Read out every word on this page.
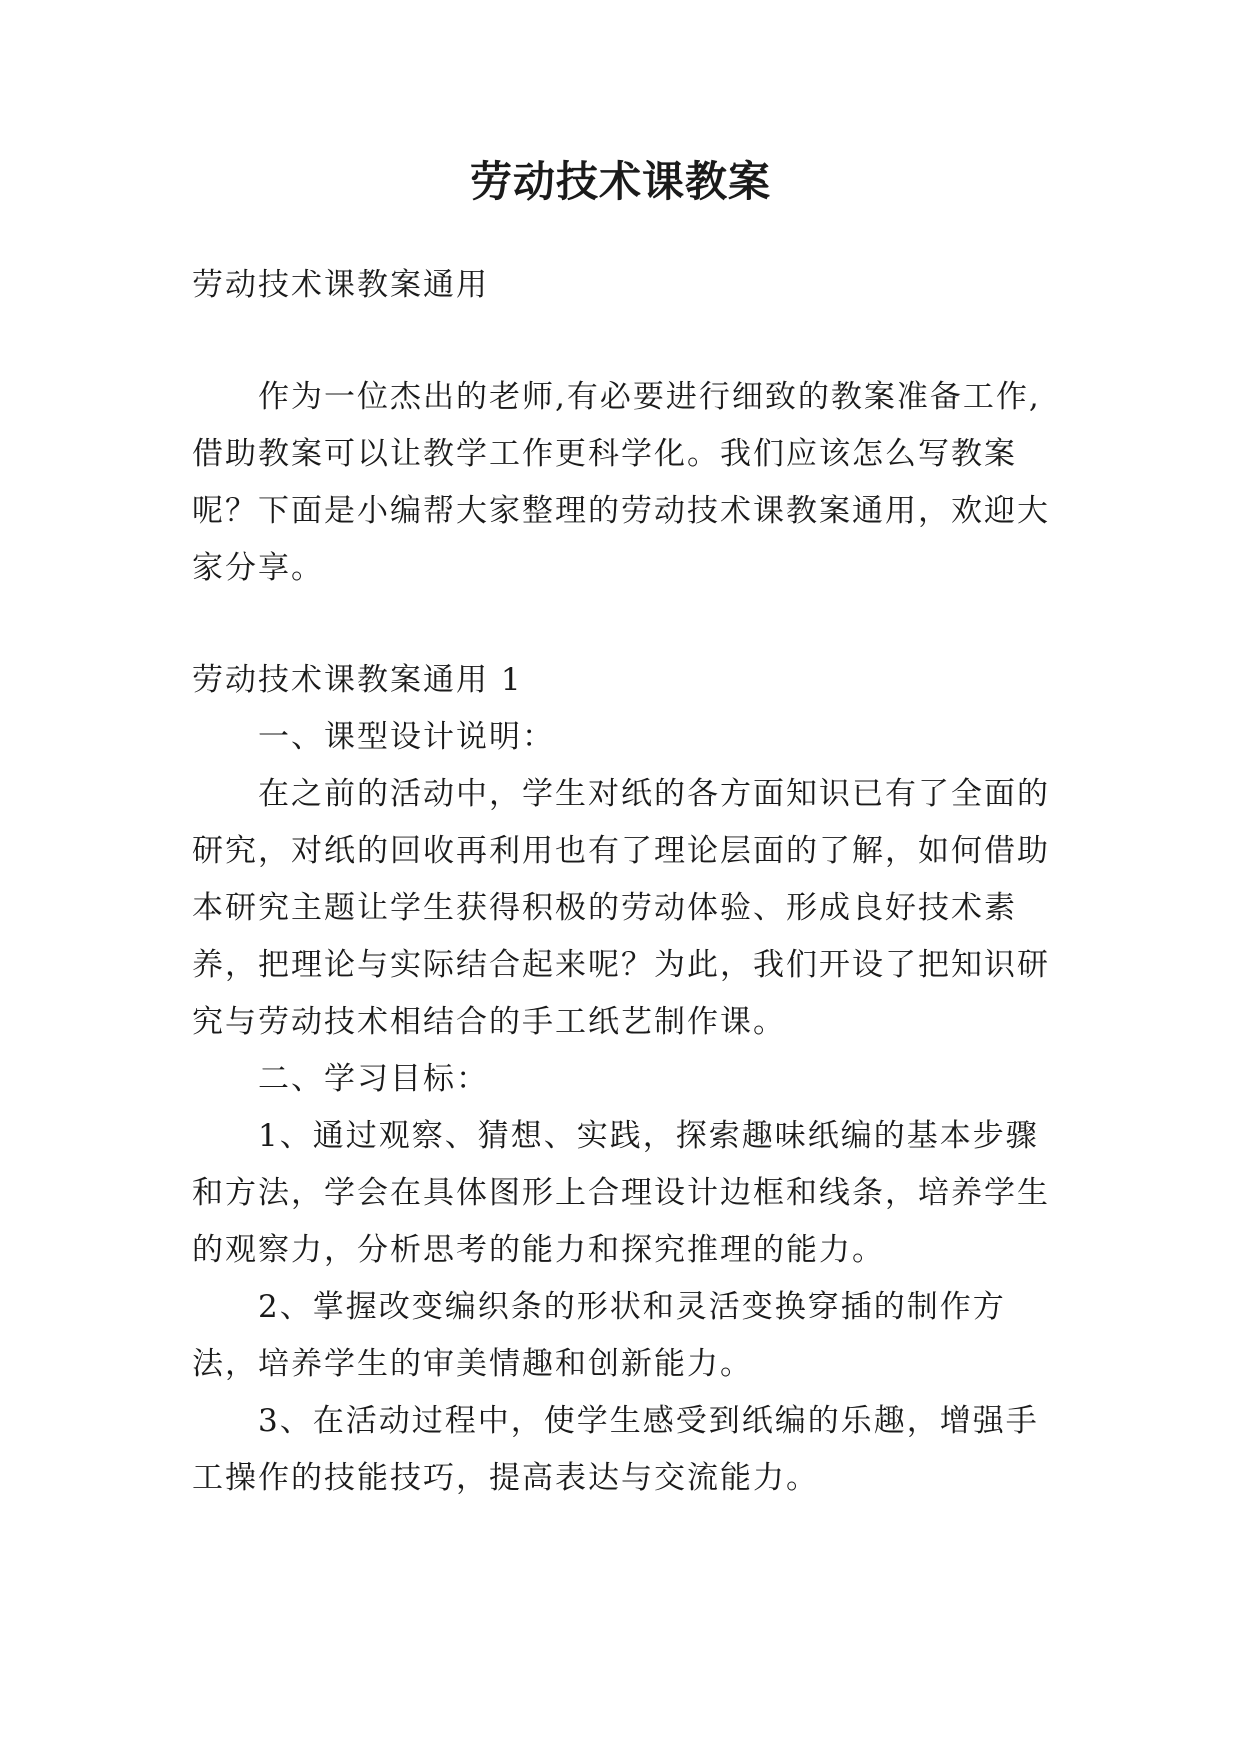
劳动技术课教案

劳动技术课教案通用

作为一位杰出的老师,有必要进行细致的教案准备工作,借助教案可以让教学工作更科学化。我们应该怎么写教案呢？下面是小编帮大家整理的劳动技术课教案通用，欢迎大家分享。

劳动技术课教案通用 1

一、课型设计说明：

在之前的活动中，学生对纸的各方面知识已有了全面的研究，对纸的回收再利用也有了理论层面的了解，如何借助本研究主题让学生获得积极的劳动体验、形成良好技术素养，把理论与实际结合起来呢？为此，我们开设了把知识研究与劳动技术相结合的手工纸艺制作课。

二、学习目标：

1、通过观察、猜想、实践，探索趣味纸编的基本步骤和方法，学会在具体图形上合理设计边框和线条，培养学生的观察力，分析思考的能力和探究推理的能力。

2、掌握改变编织条的形状和灵活变换穿插的制作方法，培养学生的审美情趣和创新能力。

3、在活动过程中，使学生感受到纸编的乐趣，增强手工操作的技能技巧，提高表达与交流能力。
